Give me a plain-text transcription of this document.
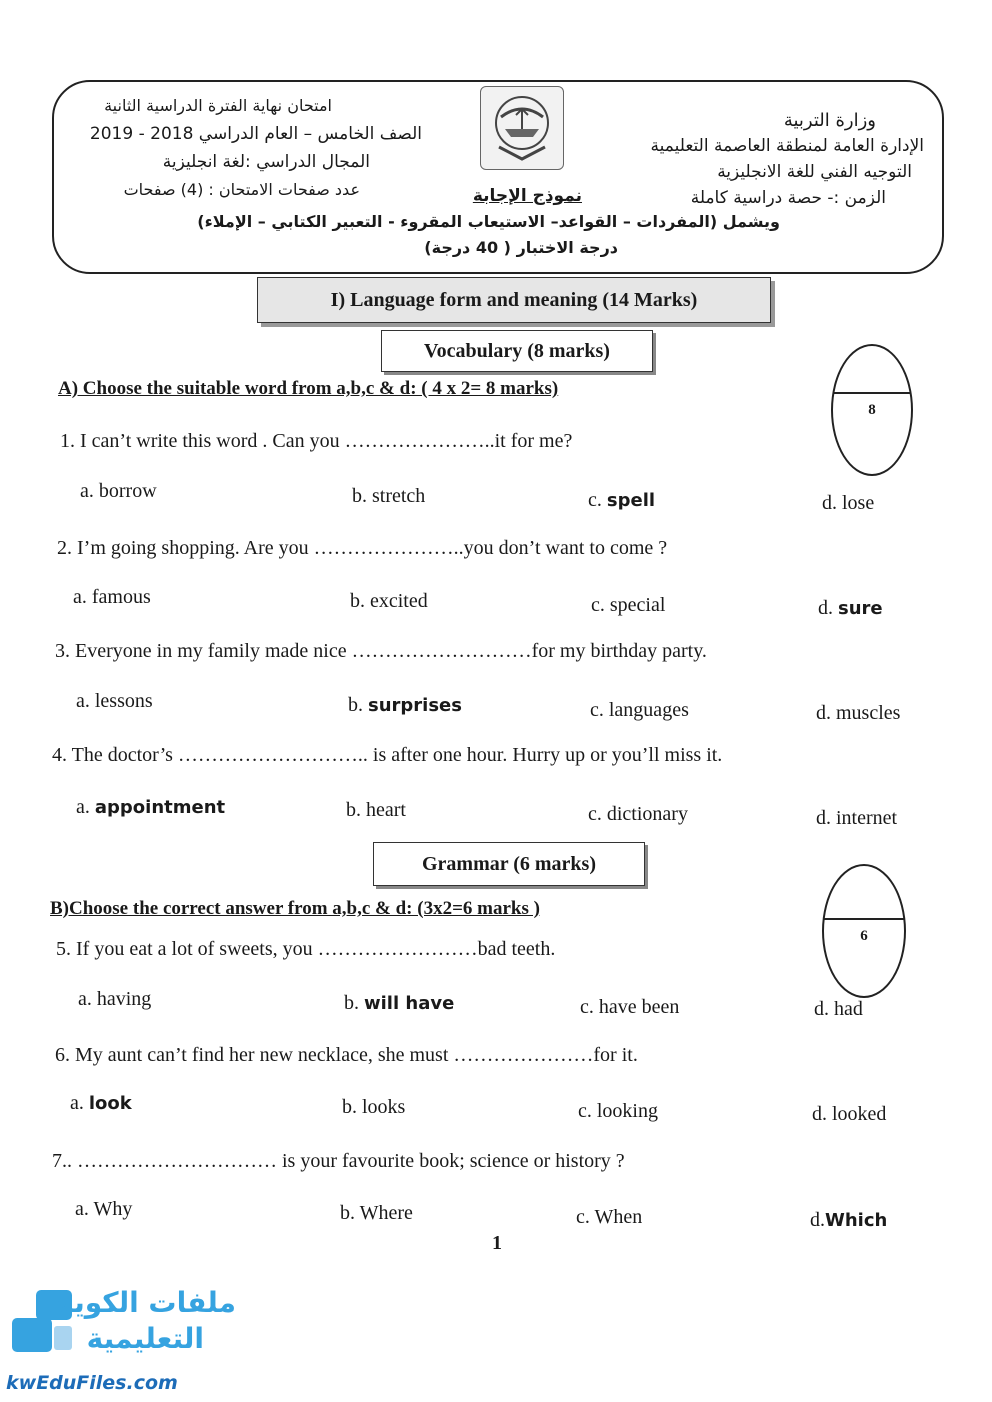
امتحان نهاية الفترة الدراسية الثانية
الصف الخامس – العام الدراسي 2018 - 2019
المجال الدراسي :لغة انجليزية
عدد صفحات الامتحان : (4) صفحات
وزارة التربية
الإدارة العامة لمنطقة العاصمة التعليمية
التوجيه الفني للغة الانجليزية
الزمن :- حصة دراسية كاملة
نموذج الإجابة
ويشمل (المفردات – القواعد– الاستيعاب المقروء - التعبير الكتابي – الإملاء)
درجة الاختبار ( 40 درجة)
I) Language form and meaning (14 Marks)
Vocabulary (8 marks)
A) Choose the suitable word from a,b,c & d: ( 4 x 2= 8 marks)
8
1. I can’t write this word . Can you …………………..it for me?
a. borrow	b. stretch	c. spell	d. lose
2. I’m going shopping. Are you …………………..you don’t want to come ?
a. famous	b. excited	c. special	d. sure
3. Everyone in my family made nice ………………………for my birthday party.
a. lessons	b. surprises	c. languages	d. muscles
4. The doctor’s ……………………….. is after one hour. Hurry up or you’ll miss it.
a. appointment	b. heart	c. dictionary	d. internet
Grammar (6 marks)
B)Choose the correct answer from a,b,c & d: (3x2=6 marks )
6
5. If you eat a lot of sweets, you ……………………bad teeth.
a. having	b. will have	c. have been	d. had
6. My aunt can’t find her new necklace, she must …………………for it.
a. look	b. looks	c. looking	d. looked
7.. ………………………… is your favourite book; science or history ?
a. Why	b. Where	c. When	d.Which
1
ملفات الكويت
التعليمية
kwEduFiles.com
